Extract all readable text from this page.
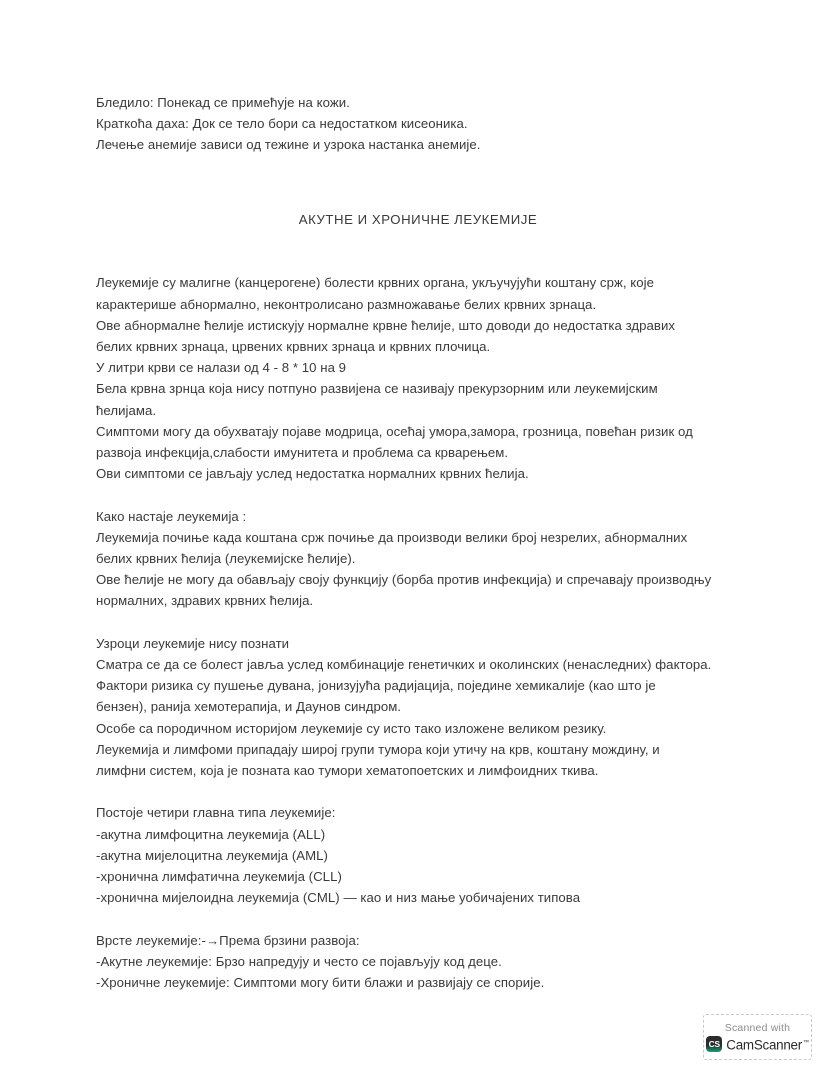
Бледило: Понекад се примећује на кожи.
Краткоћа даха: Док се тело бори са недостатком кисеоника.
Лечење анемије зависи од тежине и узрока настанка анемије.
АКУТНЕ И ХРОНИЧНЕ ЛЕУКЕМИЈЕ
Леукемије су малигне (канцерогене) болести крвних органа, укључујући коштану срж, које
карактерише абнормално, неконтролисано размножавање белих крвних зрнаца.
Ове абнормалне ћелије истискују нормалне крвне ћелије, што доводи до недостатка здравих
белих крвних зрнаца, црвених крвних зрнаца и крвних плочица.
У литри крви се налази од 4 - 8 * 10 на 9
Бела крвна зрнца која нису потпуно развијена се називају прекурзорним или леукемијским
ћелијама.
Симптоми могу да обухватају појаве модрица, осећај умора,замора, грозница, повећан ризик од
развоја инфекција,слабости имунитета и проблема са крварењем.
Ови симптоми се јављају услед недостатка нормалних крвних ћелија.
Како настаје леукемија :
Леукемија почиње када коштана срж почиње да производи велики број незрелих, абнормалних
белих крвних ћелија (леукемијске ћелије).
Ове ћелије не могу да обављају своју функцију (борба против инфекција) и спречавају производњу
нормалних, здравих крвних ћелија.
Узроци леукемије нису познати
Сматра се да се болест јавља услед комбинације генетичких и околинских (ненаследних) фактора.
Фактори ризика су пушење дувана, јонизујућа радијација, поједине хемикалије (као што је
бензен), ранија хемотерапија, и Даунов синдром.
Особе са породичном историјом леукемије су исто тако изложене великом резику.
Леукемија и лимфоми припадају широј групи тумора који утичу на крв, коштану мождину, и
лимфни систем, која је позната као тумори хематопоетских и лимфоидних ткива.
Постоје четири главна типа леукемије:
-акутна лимфоцитна леукемија (ALL)
-акутна мијелоцитна леукемија (AML)
-хронична лимфатична леукемија (CLL)
-хронична мијелоидна леукемија (CML) — као и низ мање уобичајених типова
Врсте леукемије:-→Према брзини развоја:
-Акутне леукемије: Брзо напредују и често се појављују код деце.
-Хроничне леукемије: Симптоми могу бити блажи и развијају се спорије.
Scanned with
CS CamScanner™
